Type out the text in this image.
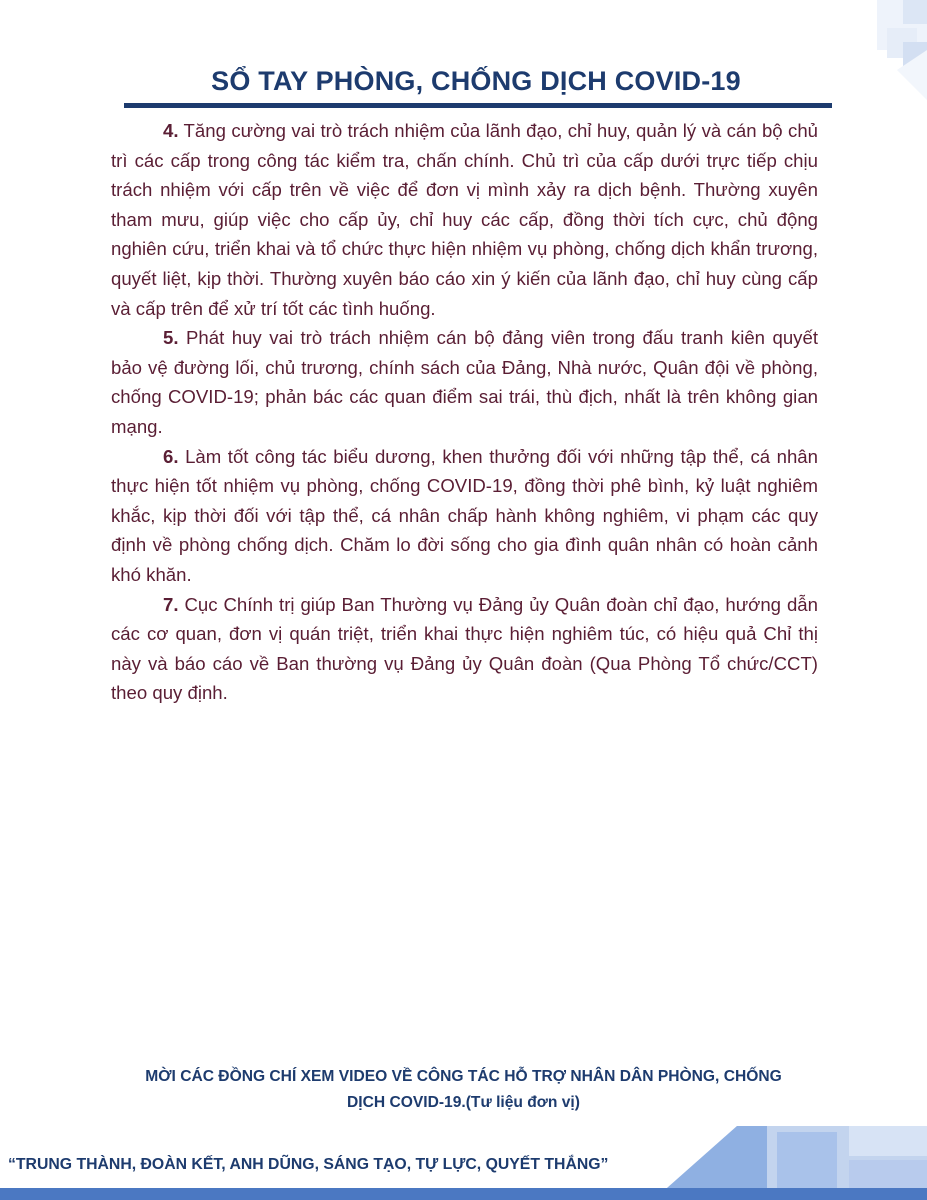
SỔ TAY PHÒNG, CHỐNG DỊCH COVID-19

4. Tăng cường vai trò trách nhiệm của lãnh đạo, chỉ huy, quản lý và cán bộ chủ trì các cấp trong công tác kiểm tra, chấn chính. Chủ trì của cấp dưới trực tiếp chịu trách nhiệm với cấp trên về việc để đơn vị mình xảy ra dịch bệnh. Thường xuyên tham mưu, giúp việc cho cấp ủy, chỉ huy các cấp, đồng thời tích cực, chủ động nghiên cứu, triển khai và tổ chức thực hiện nhiệm vụ phòng, chống dịch khẩn trương, quyết liệt, kịp thời. Thường xuyên báo cáo xin ý kiến của lãnh đạo, chỉ huy cùng cấp và cấp trên để xử trí tốt các tình huống.

5. Phát huy vai trò trách nhiệm cán bộ đảng viên trong đấu tranh kiên quyết bảo vệ đường lối, chủ trương, chính sách của Đảng, Nhà nước, Quân đội về phòng, chống COVID-19; phản bác các quan điểm sai trái, thù địch, nhất là trên không gian mạng.

6. Làm tốt công tác biểu dương, khen thưởng đối với những tập thể, cá nhân thực hiện tốt nhiệm vụ phòng, chống COVID-19, đồng thời phê bình, kỷ luật nghiêm khắc, kịp thời đối với tập thể, cá nhân chấp hành không nghiêm, vi phạm các quy định về phòng chống dịch. Chăm lo đời sống cho gia đình quân nhân có hoàn cảnh khó khăn.

7. Cục Chính trị giúp Ban Thường vụ Đảng ủy Quân đoàn chỉ đạo, hướng dẫn các cơ quan, đơn vị quán triệt, triển khai thực hiện nghiêm túc, có hiệu quả Chỉ thị này và báo cáo về Ban thường vụ Đảng ủy Quân đoàn (Qua Phòng Tổ chức/CCT) theo quy định.

MỜI CÁC ĐỒNG CHÍ XEM VIDEO VỀ CÔNG TÁC HỖ TRỢ NHÂN DÂN PHÒNG, CHỐNG
DỊCH COVID-19.(Tư liệu đơn vị)
“TRUNG THÀNH, ĐOÀN KẾT, ANH DŨNG, SÁNG TẠO, TỰ LỰC, QUYẾT THẮNG”
